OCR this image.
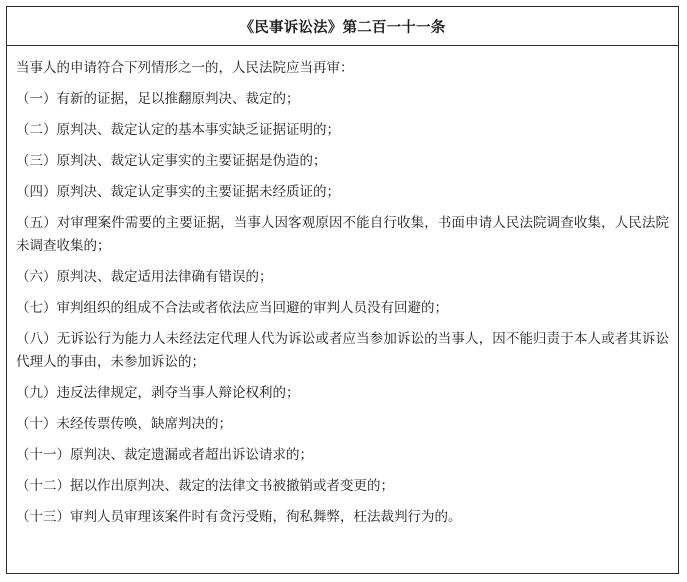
《民事诉讼法》第二百一十一条
当事人的申请符合下列情形之一的，人民法院应当再审：
（一）有新的证据，足以推翻原判决、裁定的；
（二）原判决、裁定认定的基本事实缺乏证据证明的；
（三）原判决、裁定认定事实的主要证据是伪造的；
（四）原判决、裁定认定事实的主要证据未经质证的；
（五）对审理案件需要的主要证据，当事人因客观原因不能自行收集，书面申请人民法院调查收集，人民法院未调查收集的；
（六）原判决、裁定适用法律确有错误的；
（七）审判组织的组成不合法或者依法应当回避的审判人员没有回避的；
（八）无诉讼行为能力人未经法定代理人代为诉讼或者应当参加诉讼的当事人，因不能归责于本人或者其诉讼代理人的事由，未参加诉讼的；
（九）违反法律规定，剥夺当事人辩论权利的；
（十）未经传票传唤，缺席判决的；
（十一）原判决、裁定遗漏或者超出诉讼请求的；
（十二）据以作出原判决、裁定的法律文书被撤销或者变更的；
（十三）审判人员审理该案件时有贪污受贿，徇私舞弊，枉法裁判行为的。
